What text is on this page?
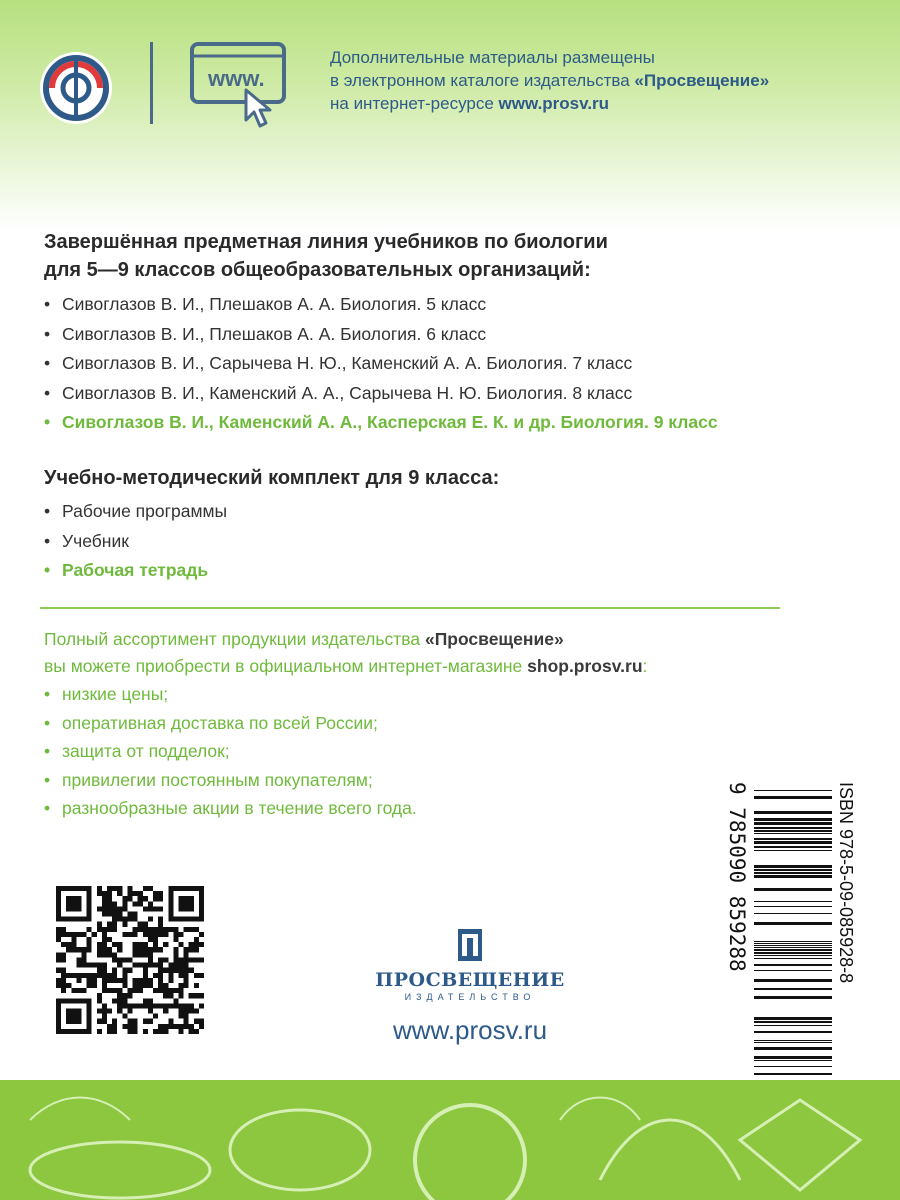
www.
Дополнительные материалы размещены
в электронном каталоге издательства «Просвещение»
на интернет-ресурсе www.prosv.ru
Завершённая предметная линия учебников по биологии
для 5—9 классов общеобразовательных организаций:
• Сивоглазов В. И., Плешаков А. А. Биология. 5 класс
• Сивоглазов В. И., Плешаков А. А. Биология. 6 класс
• Сивоглазов В. И., Сарычева Н. Ю., Каменский А. А. Биология. 7 класс
• Сивоглазов В. И., Каменский А. А., Сарычева Н. Ю. Биология. 8 класс
• Сивоглазов В. И., Каменский А. А., Касперская Е. К. и др. Биология. 9 класс
Учебно-методический комплект для 9 класса:
• Рабочие программы
• Учебник
• Рабочая тетрадь
Полный ассортимент продукции издательства «Просвещение»
вы можете приобрести в официальном интернет-магазине shop.prosv.ru:
• низкие цены;
• оперативная доставка по всей России;
• защита от подделок;
• привилегии постоянным покупателям;
• разнообразные акции в течение всего года.
ПРОСВЕЩЕНИЕ
ИЗДАТЕЛЬСТВО
www.prosv.ru
ISBN 978-5-09-085928-8
9 785090 859288
